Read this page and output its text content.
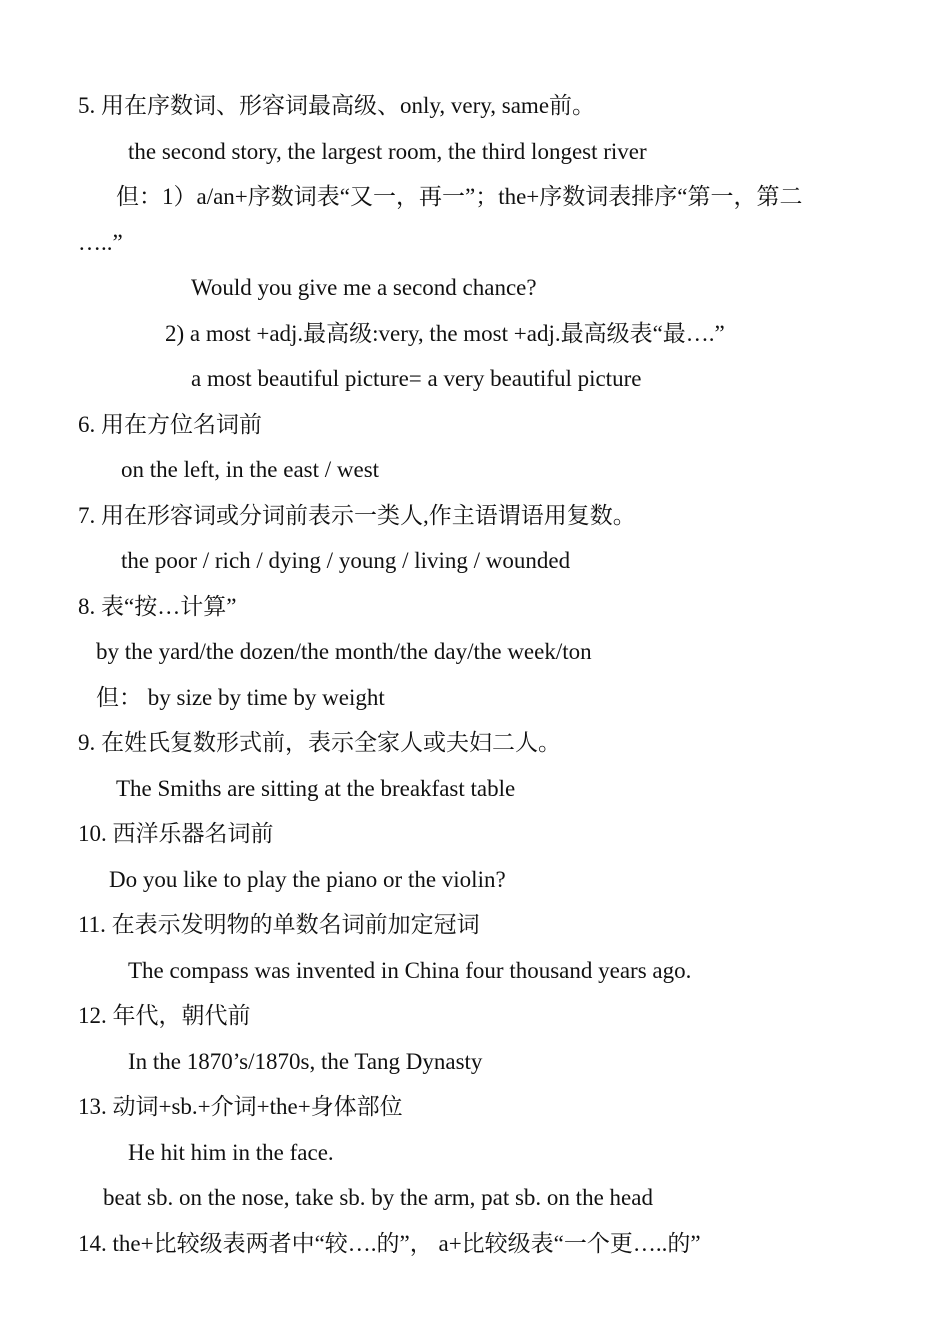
5. 用在序数词、形容词最高级、only, very, same前。

the second story, the largest room, the third longest river

但：1）a/an+序数词表“又一，再一”；the+序数词表排序“第一，第二

…..”

Would you give me a second chance?

2) a most +adj.最高级:very, the most +adj.最高级表“最….”

a most beautiful picture= a very beautiful picture

6. 用在方位名词前

on the left, in the east / west

7. 用在形容词或分词前表示一类人,作主语谓语用复数。

the poor / rich / dying / young / living / wounded

8. 表“按…计算”

by the yard/the dozen/the month/the day/the week/ton

但： by size by time by weight

9. 在姓氏复数形式前，表示全家人或夫妇二人。

The Smiths are sitting at the breakfast table

10. 西洋乐器名词前

Do you like to play the piano or the violin?

11. 在表示发明物的单数名词前加定冠词

The compass was invented in China four thousand years ago.

12. 年代，朝代前

In the 1870’s/1870s, the Tang Dynasty

13. 动词+sb.+介词+the+身体部位

He hit him in the face.

beat sb. on the nose, take sb. by the arm, pat sb. on the head

14. the+比较级表两者中“较….的”， a+比较级表“一个更…..的”
